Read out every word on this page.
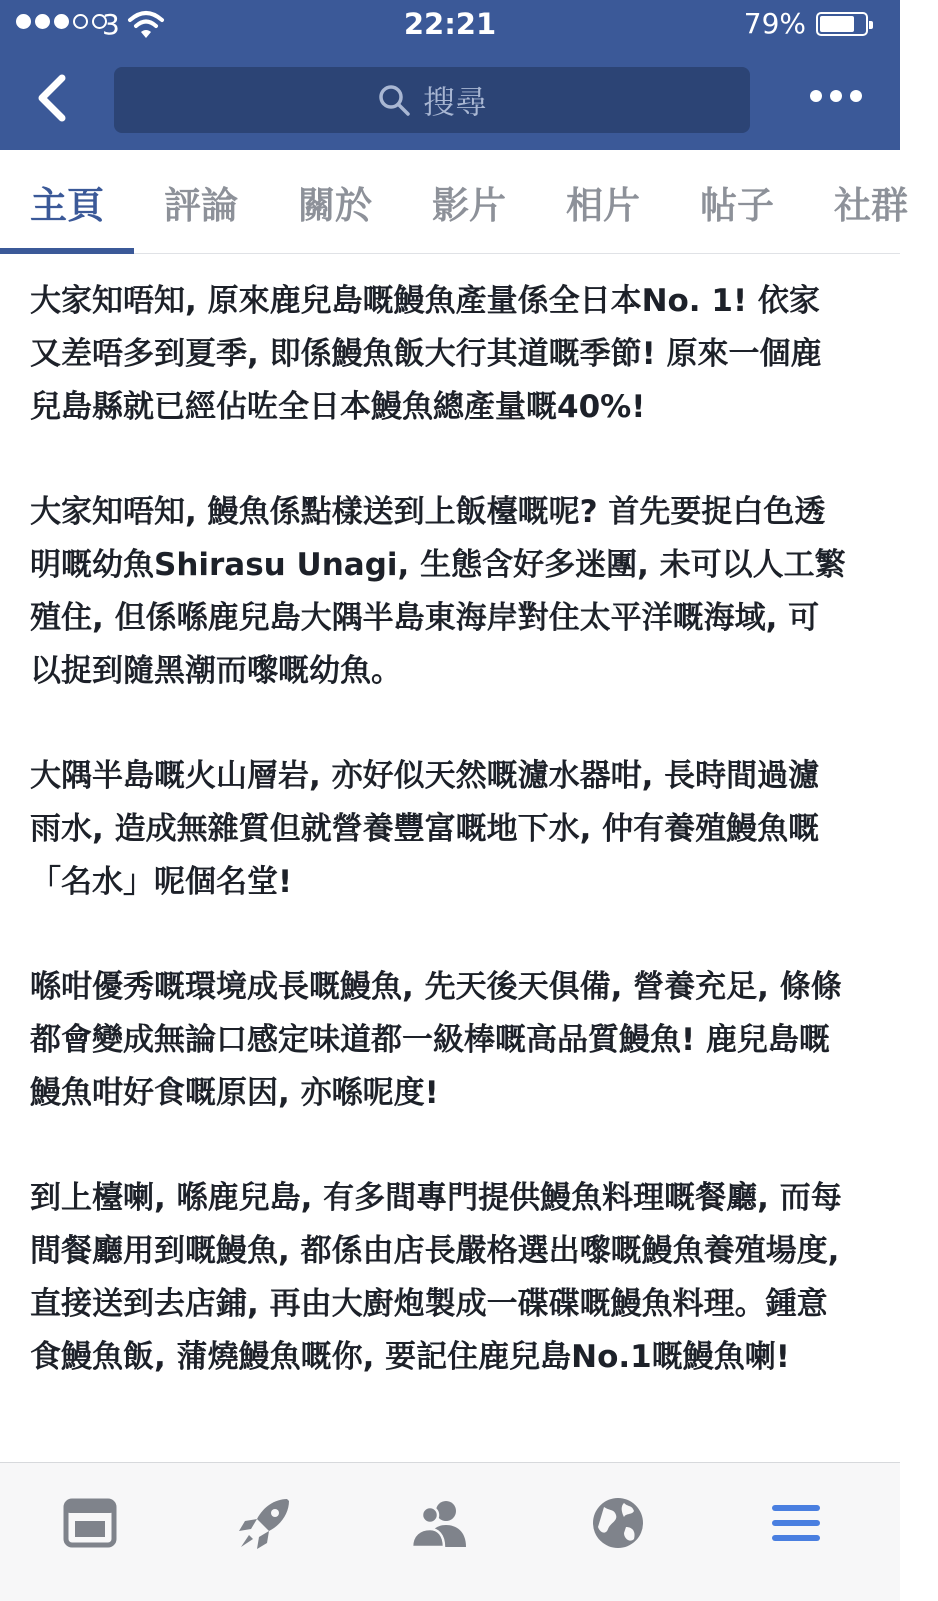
3	22:21	79%
搜尋
主頁	評論	關於	影片	相片	帖子	社群

大家知唔知, 原來鹿兒島嘅鰻魚產量係全日本No. 1! 依家又差唔多到夏季, 即係鰻魚飯大行其道嘅季節! 原來一個鹿兒島縣就已經佔咗全日本鰻魚總產量嘅40%!

大家知唔知, 鰻魚係點樣送到上飯檯嘅呢? 首先要捉白色透明嘅幼魚Shirasu Unagi, 生態含好多迷團, 未可以人工繁殖住, 但係喺鹿兒島大隅半島東海岸對住太平洋嘅海域, 可以捉到隨黑潮而嚟嘅幼魚。

大隅半島嘅火山層岩, 亦好似天然嘅濾水器咁, 長時間過濾雨水, 造成無雜質但就營養豐富嘅地下水, 仲有養殖鰻魚嘅「名水」呢個名堂!

喺咁優秀嘅環境成長嘅鰻魚, 先天後天俱備, 營養充足, 條條都會變成無論口感定味道都一級棒嘅高品質鰻魚! 鹿兒島嘅鰻魚咁好食嘅原因, 亦喺呢度!

到上檯喇, 喺鹿兒島, 有多間專門提供鰻魚料理嘅餐廳, 而每間餐廳用到嘅鰻魚, 都係由店長嚴格選出嚟嘅鰻魚養殖場度, 直接送到去店鋪, 再由大廚炮製成一碟碟嘅鰻魚料理。鍾意食鰻魚飯, 蒲燒鰻魚嘅你, 要記住鹿兒島No.1嘅鰻魚喇!
